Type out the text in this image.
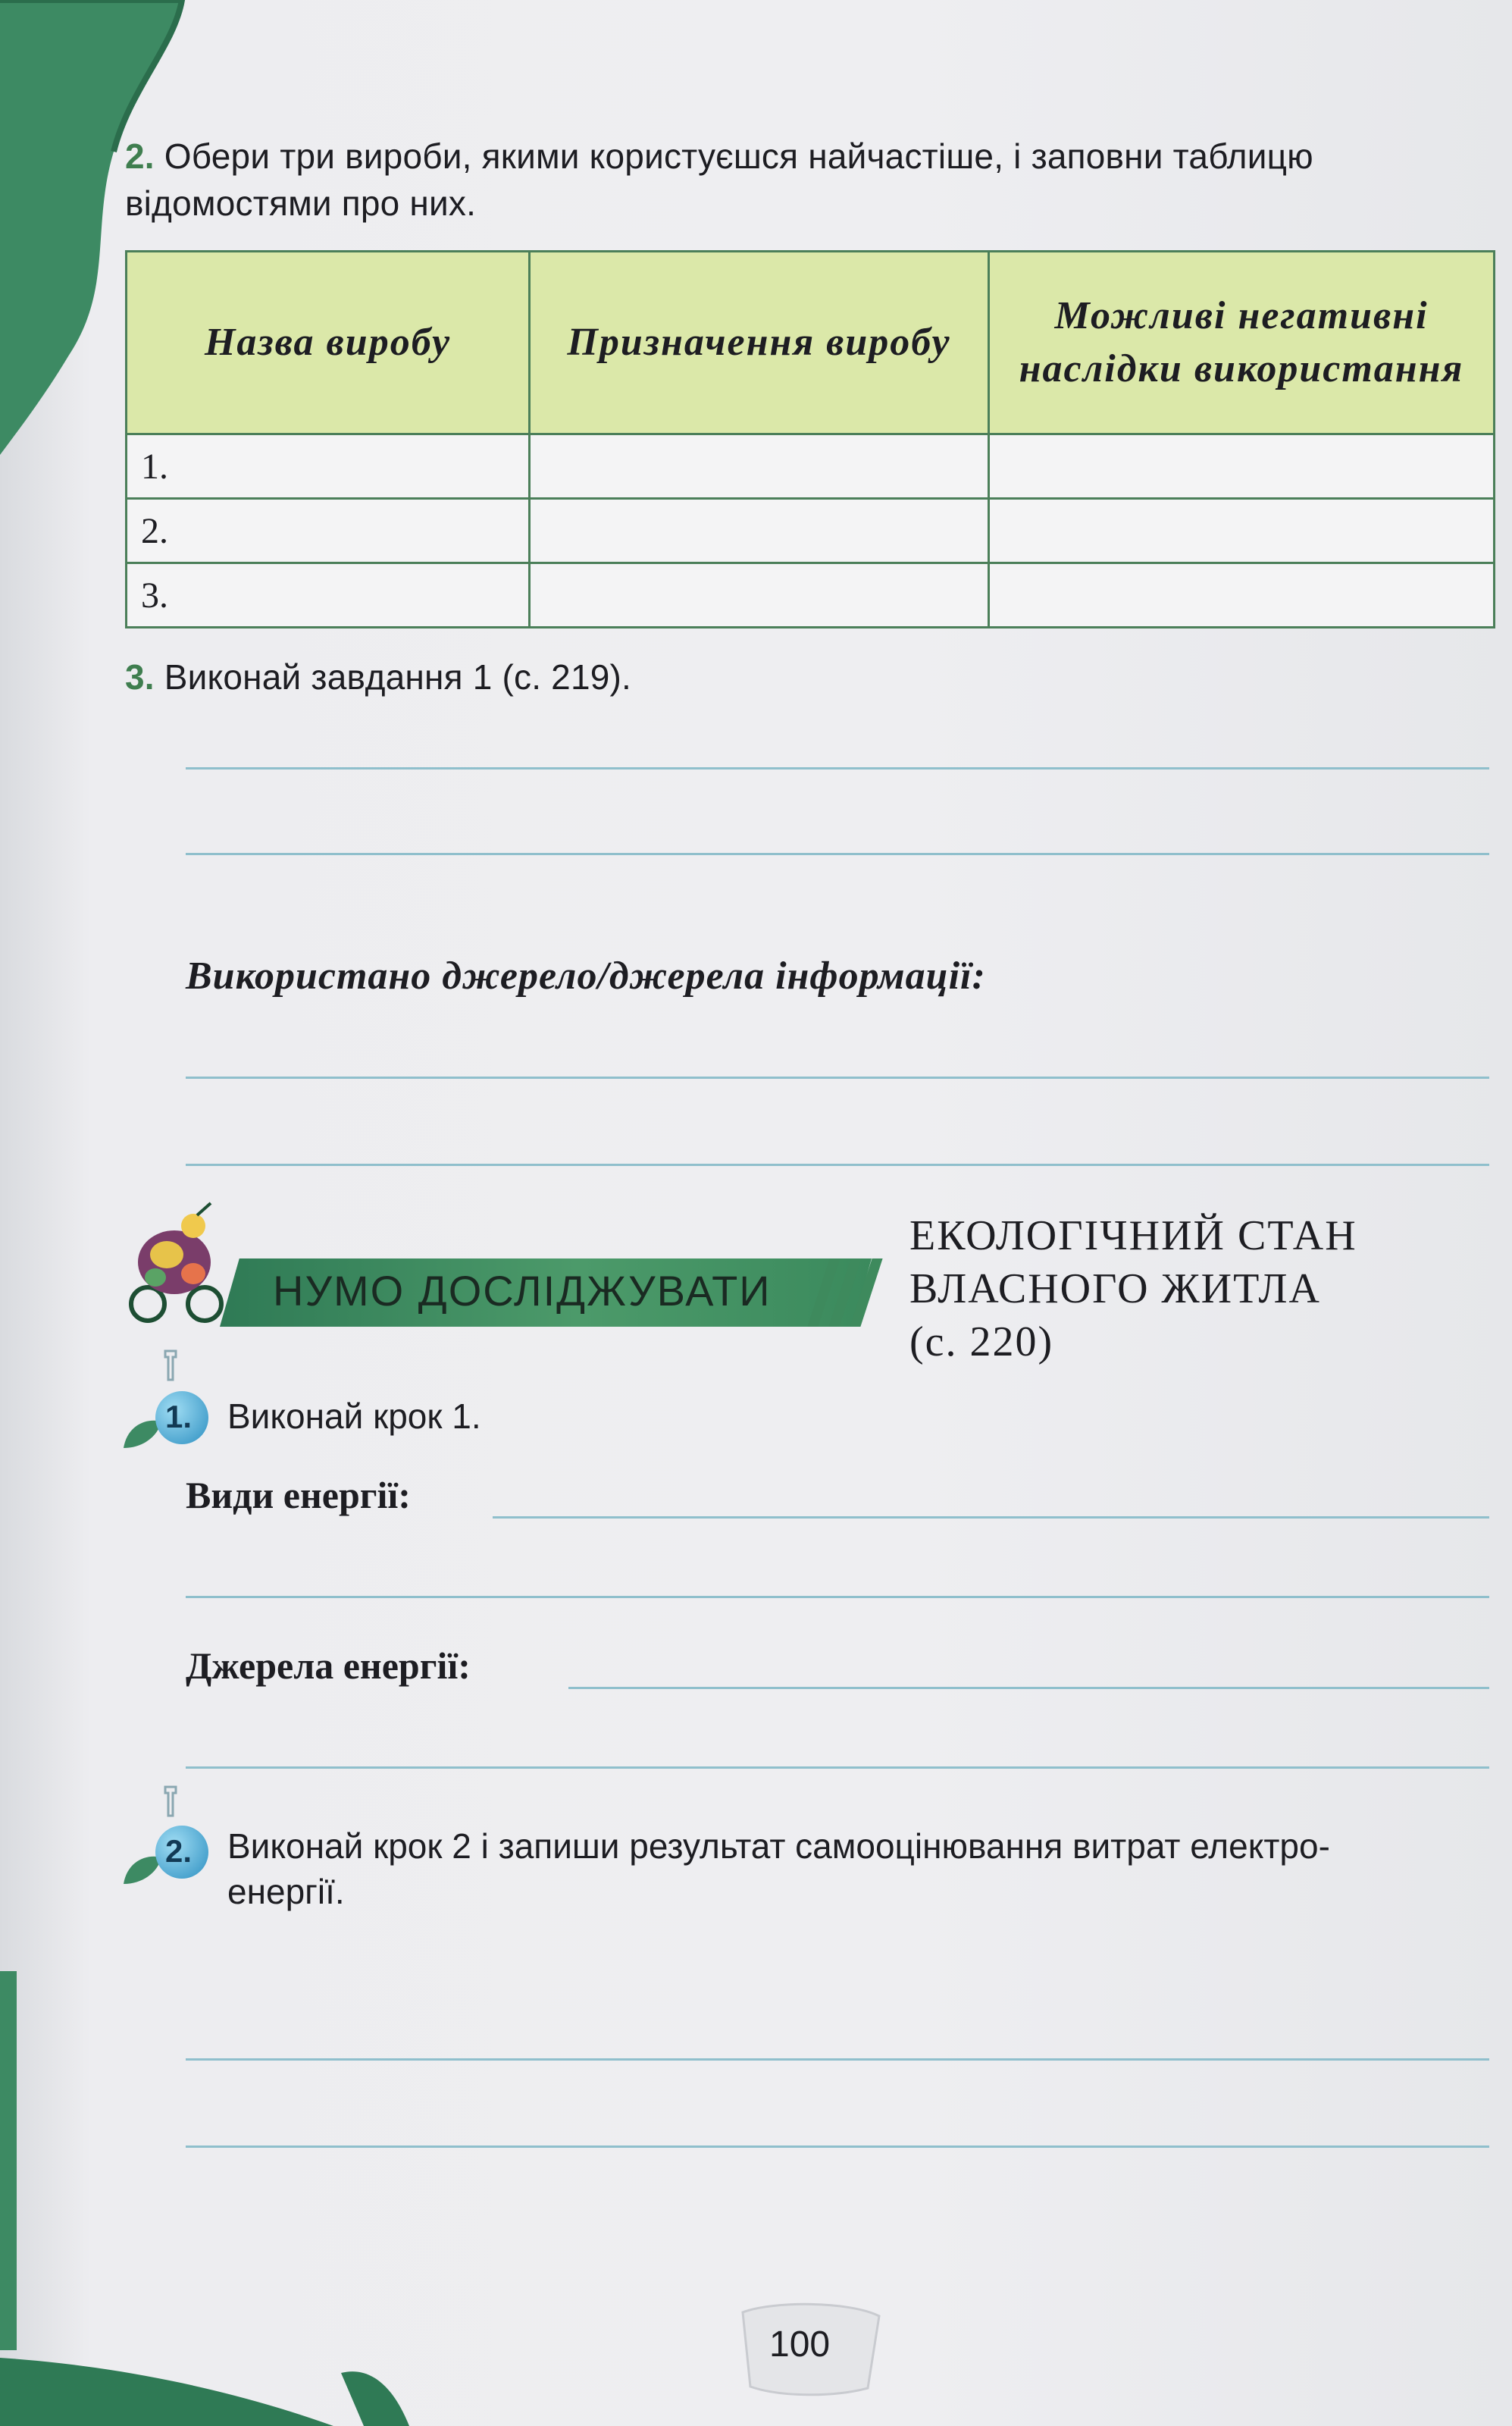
2. Обери три вироби, якими користуєшся найчастіше, і заповни таблицю
відомостями про них.
Назва виробу	Призначення виробу	Можливі негативні наслідки використання
1.		
2.		
3.		
3. Виконай завдання 1 (с. 219).
Використано джерело/джерела інформації:
НУМО ДОСЛІДЖУВАТИ
ЕКОЛОГІЧНИЙ СТАН
ВЛАСНОГО ЖИТЛА
(с. 220)
1. Виконай крок 1.
Види енергії:
Джерела енергії:
2. Виконай крок 2 і запиши результат самооцінювання витрат електро-
енергії.
100
